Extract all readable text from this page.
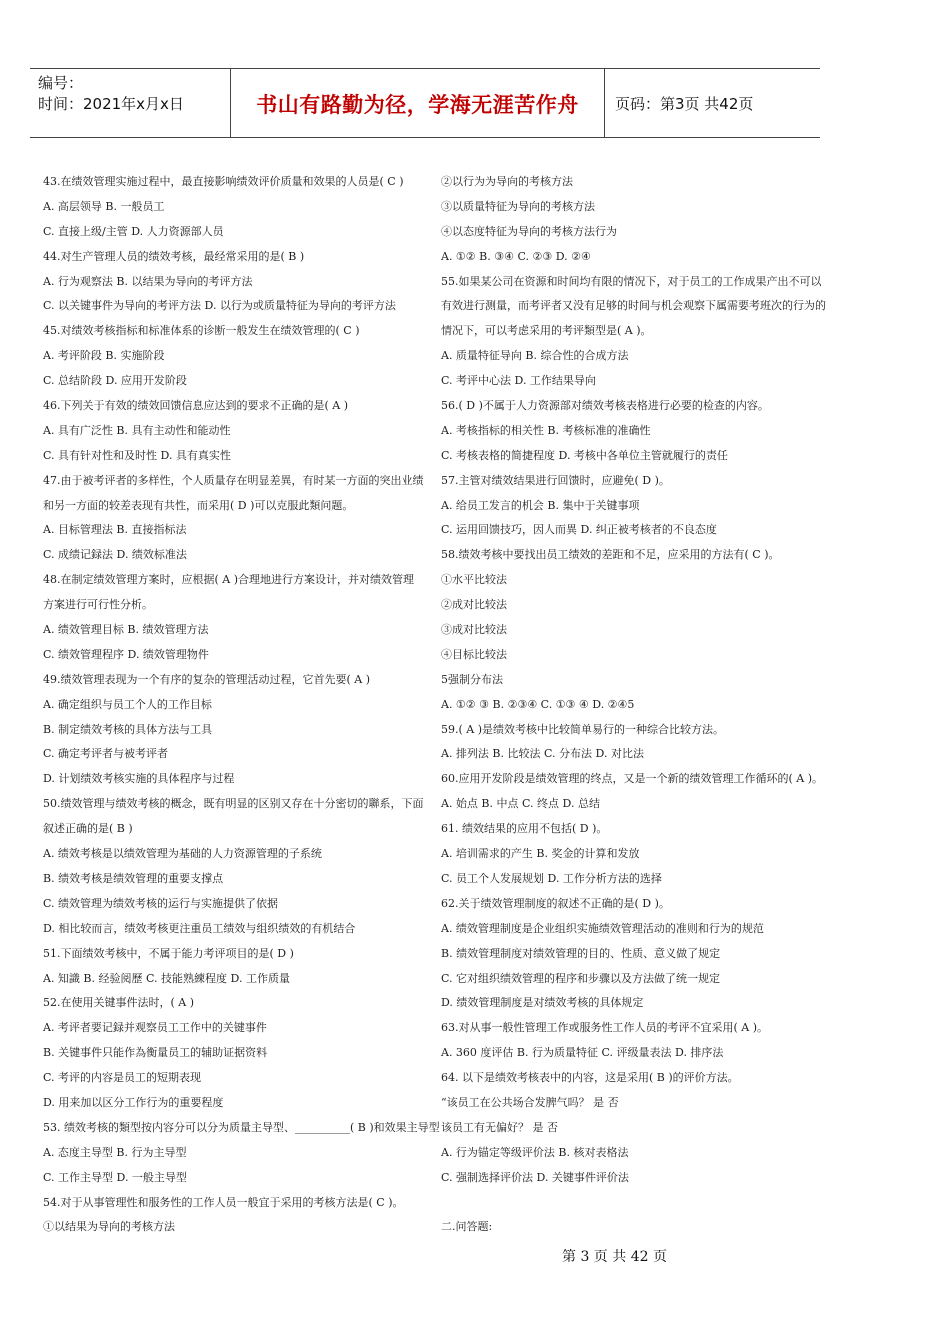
编号：
时间：2021年x月x日	书山有路勤为径，学海无涯苦作舟	页码：第3页 共42页
43.在绩效管理实施过程中，最直接影响绩效评价质量和效果的人员是( C )
A. 高层领导 B. 一般员工
C. 直接上级/主管 D. 人力资源部人员
44.对生产管理人员的绩效考核，最经常采用的是( B )
A. 行为观察法 B. 以结果为导向的考评方法
C. 以关键事件为导向的考评方法 D. 以行为或质量特征为导向的考评方法
45.对绩效考核指标和标准体系的诊断一般发生在绩效管理的( C )
A. 考评阶段 B. 实施阶段
C. 总结阶段 D. 应用开发阶段
46.下列关于有效的绩效回馈信息应达到的要求不正确的是( A )
A. 具有广泛性 B. 具有主动性和能动性
C. 具有针对性和及时性 D. 具有真实性
47.由于被考评者的多样性，个人质量存在明显差異，有时某一方面的突出业绩
和另一方面的较差表现有共性，而采用( D )可以克服此類问题。
A. 目标管理法 B. 直接指标法
C. 成绩记録法 D. 绩效标准法
48.在制定绩效管理方案时，应根据( A )合理地进行方案设计，并对绩效管理
方案进行可行性分析。
A. 绩效管理目标 B. 绩效管理方法
C. 绩效管理程序 D. 绩效管理物件
49.绩效管理表现为一个有序的复杂的管理活动过程，它首先要( A )
A. 确定组织与员工个人的工作目标
B. 制定绩效考核的具体方法与工具
C. 确定考评者与被考评者
D. 计划绩效考核实施的具体程序与过程
50.绩效管理与绩效考核的概念，既有明显的区别又存在十分密切的聯系，下面
叙述正确的是( B )
A. 绩效考核是以绩效管理为基础的人力资源管理的子系统
B. 绩效考核是绩效管理的重要支撑点
C. 绩效管理为绩效考核的运行与实施提供了依据
D. 相比较而言，绩效考核更注重员工绩效与组织绩效的有机结合
51.下面绩效考核中，不属于能力考评项目的是( D )
A. 知識 B. 经验阅歷 C. 技能熟練程度 D. 工作质量
52.在使用关键事件法时，( A )
A. 考评者要记録并观察员工工作中的关键事件
B. 关键事件只能作為衡量员工的辅助证据资料
C. 考评的内容是员工的短期表现
D. 用来加以区分工作行为的重要程度
53. 绩效考核的類型按内容分可以分为质量主导型、__________( B )和效果主导型
A. 态度主导型 B. 行为主导型
C. 工作主导型 D. 一般主导型
54.对于从事管理性和服务性的工作人员一般宜于采用的考核方法是( C )。
①以结果为导向的考核方法
②以行为为导向的考核方法
③以质量特征为导向的考核方法
④以态度特征为导向的考核方法行为
A. ①② B. ③④ C. ②③ D. ②④
55.如果某公司在资源和时间均有限的情况下，对于员工的工作成果产出不可以
有效进行测量，而考评者又没有足够的时间与机会观察下属需要考班次的行为的
情况下，可以考虑采用的考评類型是( A )。
A. 质量特征导向 B. 综合性的合成方法
C. 考评中心法 D. 工作结果导向
56.( D )不属于人力资源部对绩效考核表格进行必要的检查的内容。
A. 考核指标的相关性 B. 考核标准的准确性
C. 考核表格的简捷程度 D. 考核中各单位主管就履行的责任
57.主管对绩效结果进行回馈时，应避免( D )。
A. 给员工发言的机会 B. 集中于关键事项
C. 运用回馈技巧，因人而異 D. 纠正被考核者的不良态度
58.绩效考核中要找出员工绩效的差距和不足，应采用的方法有( C )。
①水平比较法
②成对比较法
③成对比较法
④目标比较法
5强制分布法
A. ①② ③ B. ②③④ C. ①③ ④ D. ②④5
59.( A )是绩效考核中比较简单易行的一种综合比较方法。
A. 排列法 B. 比较法 C. 分布法 D. 对比法
60.应用开发阶段是绩效管理的终点，又是一个新的绩效管理工作循环的( A )。
A. 始点 B. 中点 C. 终点 D. 总结
61. 绩效结果的应用不包括( D )。
A. 培训需求的产生 B. 奖金的计算和发放
C. 员工个人发展规划 D. 工作分析方法的选择
62.关于绩效管理制度的叙述不正确的是( D )。
A. 绩效管理制度是企业组织实施绩效管理活动的准则和行为的规范
B. 绩效管理制度对绩效管理的目的、性质、意义做了规定
C. 它对组织绩效管理的程序和步骤以及方法做了统一规定
D. 绩效管理制度是对绩效考核的具体规定
63.对从事一般性管理工作或服务性工作人员的考评不宜采用( A )。
A. 360 度评估 B. 行为质量特征 C. 评级量表法 D. 排序法
64. 以下是绩效考核表中的内容，这是采用( B )的评价方法。
“该员工在公共场合发脾气吗？ 是 否
该员工有无偏好？ 是 否
A. 行为锚定等级评价法 B. 核对表格法
C. 强制选择评价法 D. 关键事件评价法
二.问答题:
第 3 页 共 42 页
